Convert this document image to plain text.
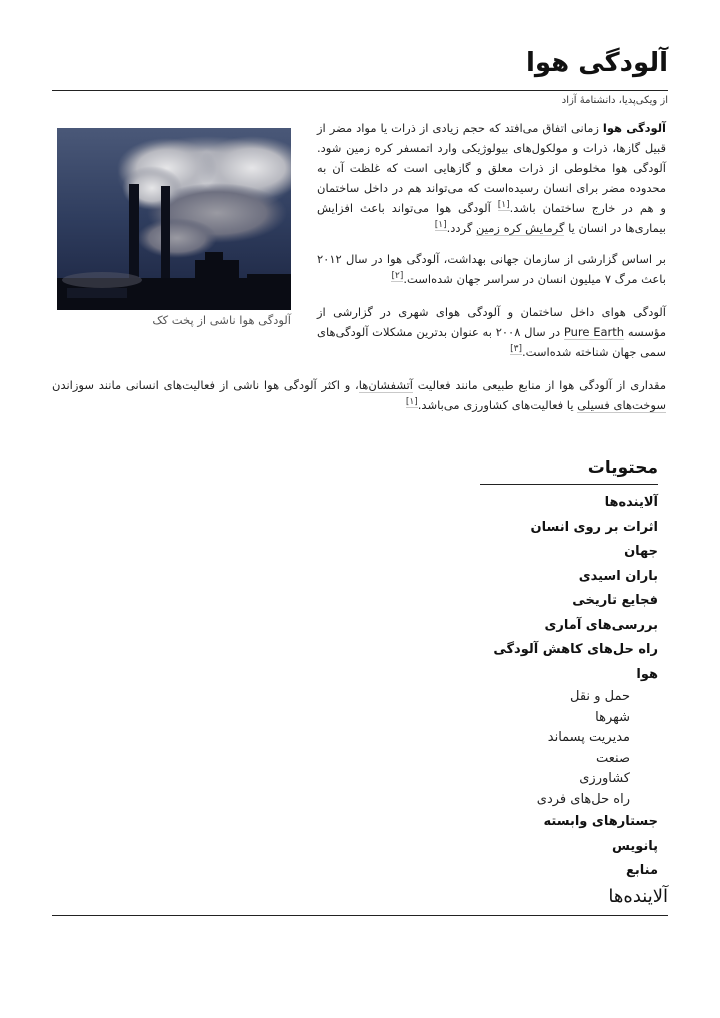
آلودگی هوا
از ویکی‌پدیا، دانشنامهٔ آزاد
آلودگی هوا ناشی از پخت کک
آلودگی هوا زمانی اتفاق می‌افتد که حجم زیادی از ذرات یا مواد مضر از قبیل گازها، ذرات و مولکول‌های بیولوژیکی وارد اتمسفر کره زمین شود. آلودگی هوا مخلوطی از ذرات معلق و گازهایی است که غلظت آن به محدوده مضر برای انسان رسیده‌است که می‌تواند هم در داخل ساختمان و هم در خارج ساختمان باشد.[۱] آلودگی هوا می‌تواند باعث افزایش بیماری‌ها در انسان یا گرمایش کره زمین گردد.[۱]
بر اساس گزارشی از سازمان جهانی بهداشت، آلودگی هوا در سال ۲۰۱۲ باعث مرگ ۷ میلیون انسان در سراسر جهان شده‌است.[۲]
آلودگی هوای داخل ساختمان و آلودگی هوای شهری در گزارشی از مؤسسه Pure Earth در سال ۲۰۰۸ به عنوان بدترین مشکلات آلودگی‌های سمی جهان شناخته شده‌است.[۳]
مقداری از آلودگی هوا از منابع طبیعی مانند فعالیت آتشفشان‌ها، و اکثر آلودگی هوا ناشی از فعالیت‌های انسانی مانند سوزاندن سوخت‌های فسیلی یا فعالیت‌های کشاورزی می‌باشد.[۱]
محتویات
آلاینده‌ها
اثرات بر روی انسان
جهان
باران اسیدی
فجایع تاریخی
بررسی‌های آماری
راه حل‌های کاهش آلودگی هوا
حمل و نقل
شهرها
مدیریت پسماند
صنعت
کشاورزی
راه حل‌های فردی
جستارهای وابسته
پانویس
منابع
آلاینده‌ها
